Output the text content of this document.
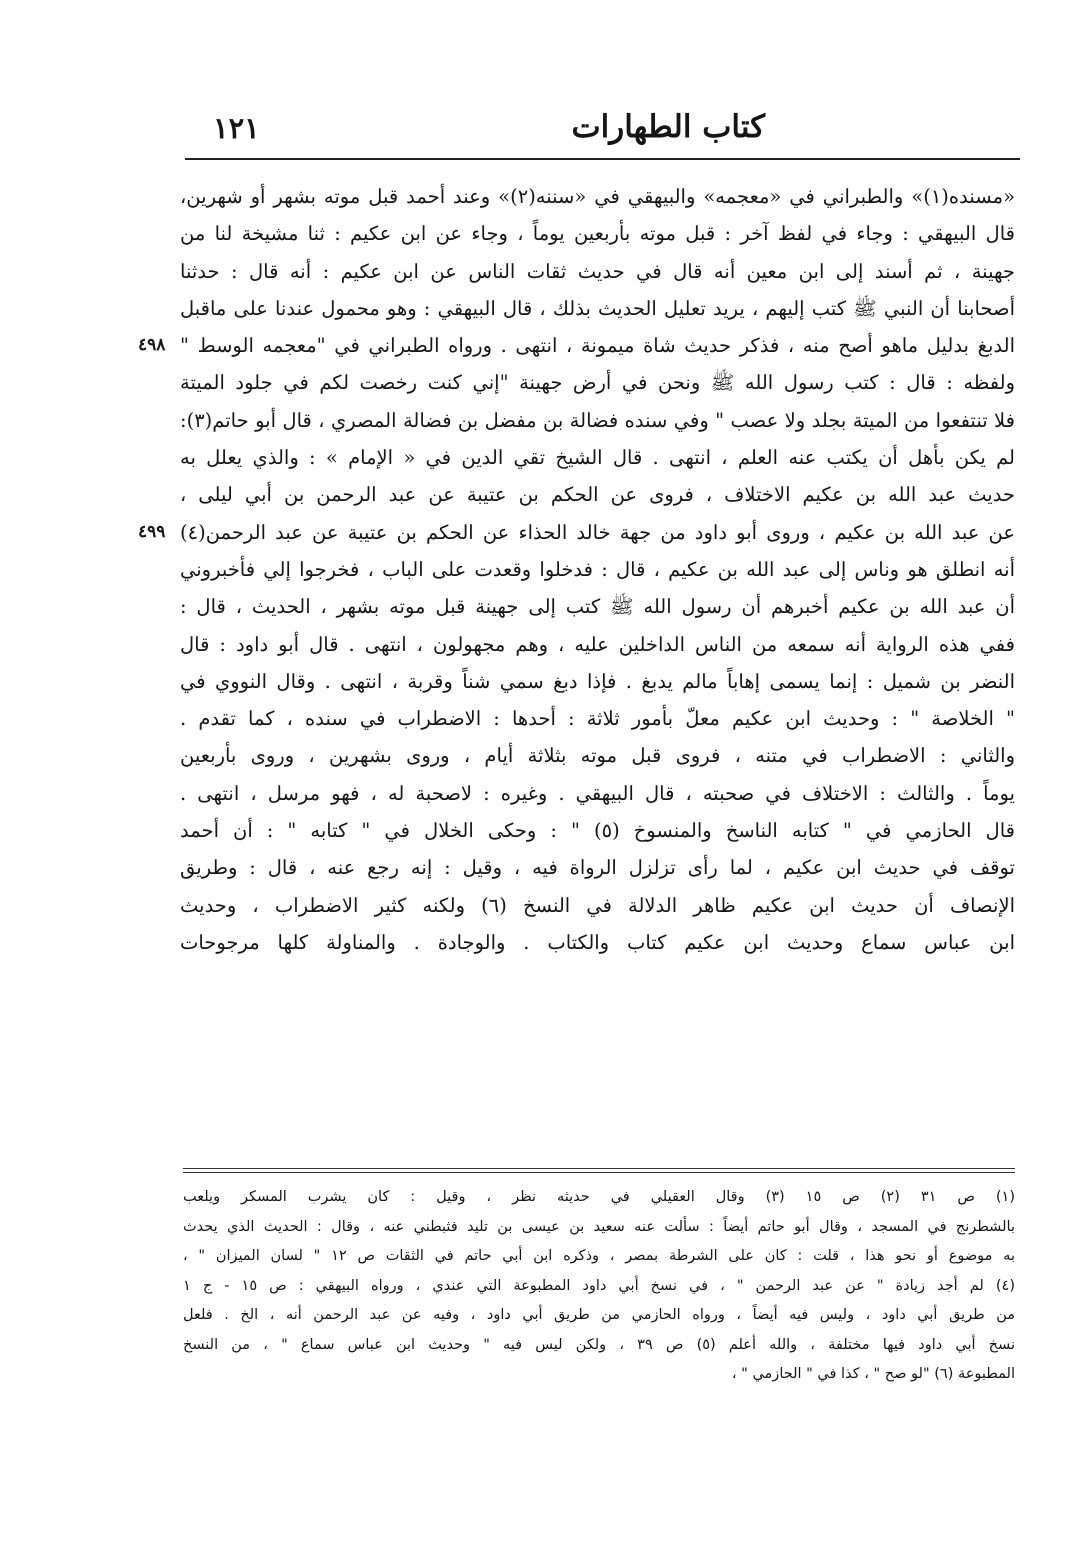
كتاب الطهارات
١٢١
«مسنده(١)» والطبراني في «معجمه» والبيهقي في «سننه(٢)» وعند أحمد قبل موته بشهر أو شهرين،
قال البيهقي : وجاء في لفظ آخر : قبل موته بأربعين يوماً ، وجاء عن ابن عكيم : ثنا مشيخة لنا من
جهينة ، ثم أسند إلى ابن معين أنه قال في حديث ثقات الناس عن ابن عكيم : أنه قال : حدثنا
أصحابنا أن النبي ﷺ كتب إليهم ، يريد تعليل الحديث بذلك ، قال البيهقي : وهو محمول عندنا على ماقبل
الدبغ بدليل ماهو أصح منه ، فذكر حديث شاة ميمونة ، انتهى . ورواه الطبراني في "معجمه الوسط "
٤٩٨
ولفظه : قال : كتب رسول الله ﷺ ونحن في أرض جهينة "إني كنت رخصت لكم في جلود الميتة
فلا تنتفعوا من الميتة بجلد ولا عصب " وفي سنده فضالة بن مفضل بن فضالة المصري ، قال أبو حاتم(٣):
لم يكن بأهل أن يكتب عنه العلم ، انتهى . قال الشيخ تقي الدين في « الإمام » : والذي يعلل به
حديث عبد الله بن عكيم الاختلاف ، فروى عن الحكم بن عتيبة عن عبد الرحمن بن أبي ليلى ،
عن عبد الله بن عكيم ، وروى أبو داود من جهة خالد الحذاء عن الحكم بن عتيبة عن عبد الرحمن(٤)
٤٩٩
أنه انطلق هو وناس إلى عبد الله بن عكيم ، قال : فدخلوا وقعدت على الباب ، فخرجوا إلي فأخبروني
أن عبد الله بن عكيم أخبرهم أن رسول الله ﷺ كتب إلى جهينة قبل موته بشهر ، الحديث ، قال :
ففي هذه الرواية أنه سمعه من الناس الداخلين عليه ، وهم مجهولون ، انتهى . قال أبو داود : قال
النضر بن شميل : إنما يسمى إهاباً مالم يدبغ . فإذا دبغ سمي شناً وقربة ، انتهى . وقال النووي في
" الخلاصة " : وحديث ابن عكيم معلّ بأمور ثلاثة : أحدها : الاضطراب في سنده ، كما تقدم .
والثاني : الاضطراب في متنه ، فروى قبل موته بثلاثة أيام ، وروى بشهرين ، وروى بأربعين
يوماً . والثالث : الاختلاف في صحبته ، قال البيهقي . وغيره : لاصحبة له ، فهو مرسل ، انتهى .
قال الحازمي في " كتابه الناسخ والمنسوخ (٥) " : وحكى الخلال في " كتابه " : أن أحمد
توقف في حديث ابن عكيم ، لما رأى تزلزل الرواة فيه ، وقيل : إنه رجع عنه ، قال : وطريق
الإنصاف أن حديث ابن عكيم ظاهر الدلالة في النسخ (٦) ولكنه كثير الاضطراب ، وحديث
ابن عباس سماع وحديث ابن عكيم كتاب والكتاب . والوجادة . والمناولة كلها مرجوحات
(١) ص ٣١ (٢) ص ١٥ (٣) وقال العقيلي في حديثه نظر ، وقيل : كان يشرب المسكر ويلعب
بالشطرنج في المسجد ، وقال أبو حاتم أيضاً : سألت عنه سعيد بن عيسى بن تليد فثبطني عنه ، وقال : الحديث الذي يحدث
به موضوع أو نحو هذا ، قلت : كان على الشرطة بمصر ، وذكره ابن أبي حاتم في الثقات ص ١٢ " لسان الميزان " ،
(٤) لم أجد زيادة " عن عبد الرحمن " ، في نسخ أبي داود المطبوعة التي عندي ، ورواه البيهقي : ص ١٥ - ج ١
من طريق أبي داود ، وليس فيه أيضاً ، ورواه الحازمي من طريق أبي داود ، وفيه عن عبد الرحمن أنه ، الخ . فلعل
نسخ أبي داود فيها مختلفة ، والله أعلم (٥) ص ٣٩ ، ولكن ليس فيه " وحديث ابن عباس سماع " ، من النسخ
المطبوعة (٦) "لو صح " ، كذا في " الحازمي " ،
